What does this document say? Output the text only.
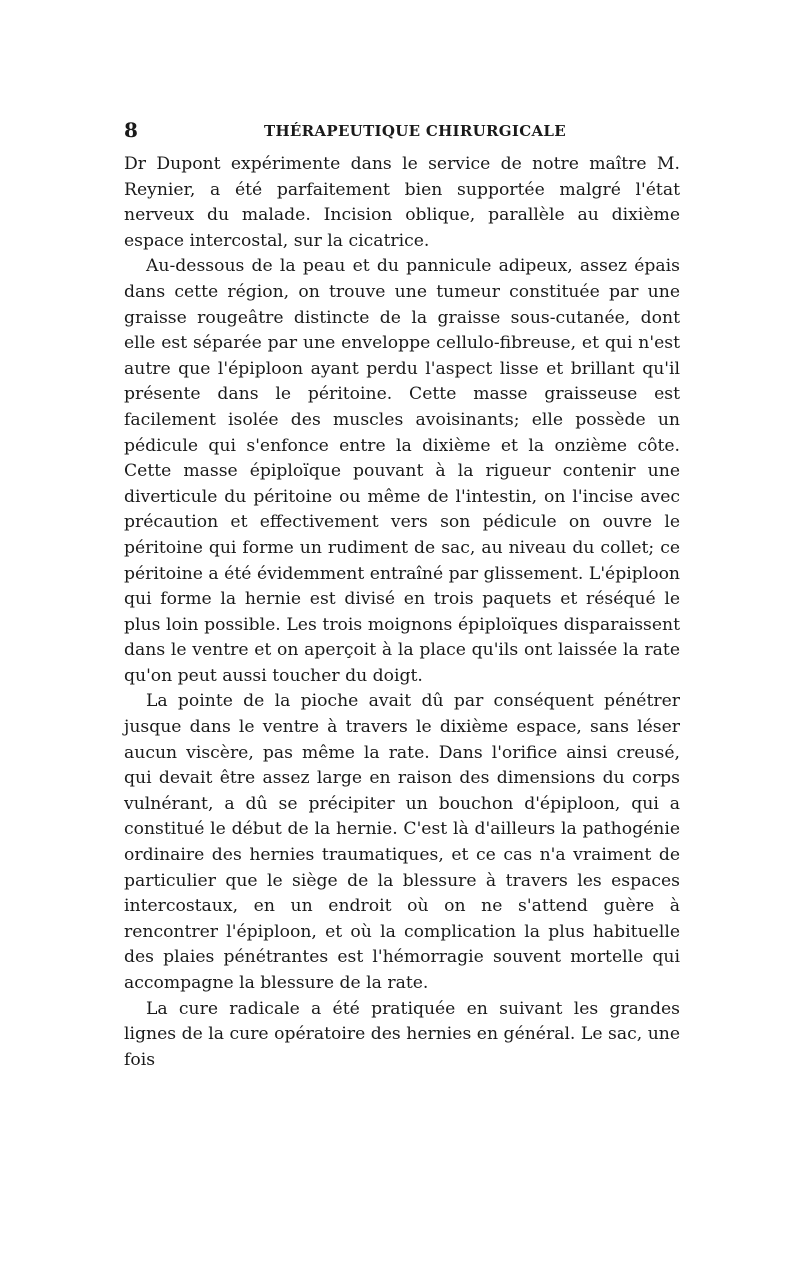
8	THÉRAPEUTIQUE CHIRURGICALE

Dr Dupont expérimente dans le service de notre maître M. Reynier, a été parfaitement bien supportée malgré l'état nerveux du malade. Incision oblique, parallèle au dixième espace intercostal, sur la cicatrice.

Au-dessous de la peau et du pannicule adipeux, assez épais dans cette région, on trouve une tumeur constituée par une graisse rougeâtre distincte de la graisse sous-cutanée, dont elle est séparée par une enveloppe cellulo-fibreuse, et qui n'est autre que l'épiploon ayant perdu l'aspect lisse et brillant qu'il présente dans le péritoine. Cette masse graisseuse est facilement isolée des muscles avoisinants; elle possède un pédicule qui s'enfonce entre la dixième et la onzième côte. Cette masse épiploïque pouvant à la rigueur contenir une diverticule du péritoine ou même de l'intestin, on l'incise avec précaution et effectivement vers son pédicule on ouvre le péritoine qui forme un rudiment de sac, au niveau du collet; ce péritoine a été évidemment entraîné par glissement. L'épiploon qui forme la hernie est divisé en trois paquets et réséqué le plus loin possible. Les trois moignons épiploïques disparaissent dans le ventre et on aperçoit à la place qu'ils ont laissée la rate qu'on peut aussi toucher du doigt.

La pointe de la pioche avait dû par conséquent pénétrer jusque dans le ventre à travers le dixième espace, sans léser aucun viscère, pas même la rate. Dans l'orifice ainsi creusé, qui devait être assez large en raison des dimensions du corps vulnérant, a dû se précipiter un bouchon d'épiploon, qui a constitué le début de la hernie. C'est là d'ailleurs la pathogénie ordinaire des hernies traumatiques, et ce cas n'a vraiment de particulier que le siège de la blessure à travers les espaces intercostaux, en un endroit où on ne s'attend guère à rencontrer l'épiploon, et où la complication la plus habituelle des plaies pénétrantes est l'hémorragie souvent mortelle qui accompagne la blessure de la rate.

La cure radicale a été pratiquée en suivant les grandes lignes de la cure opératoire des hernies en général. Le sac, une fois
